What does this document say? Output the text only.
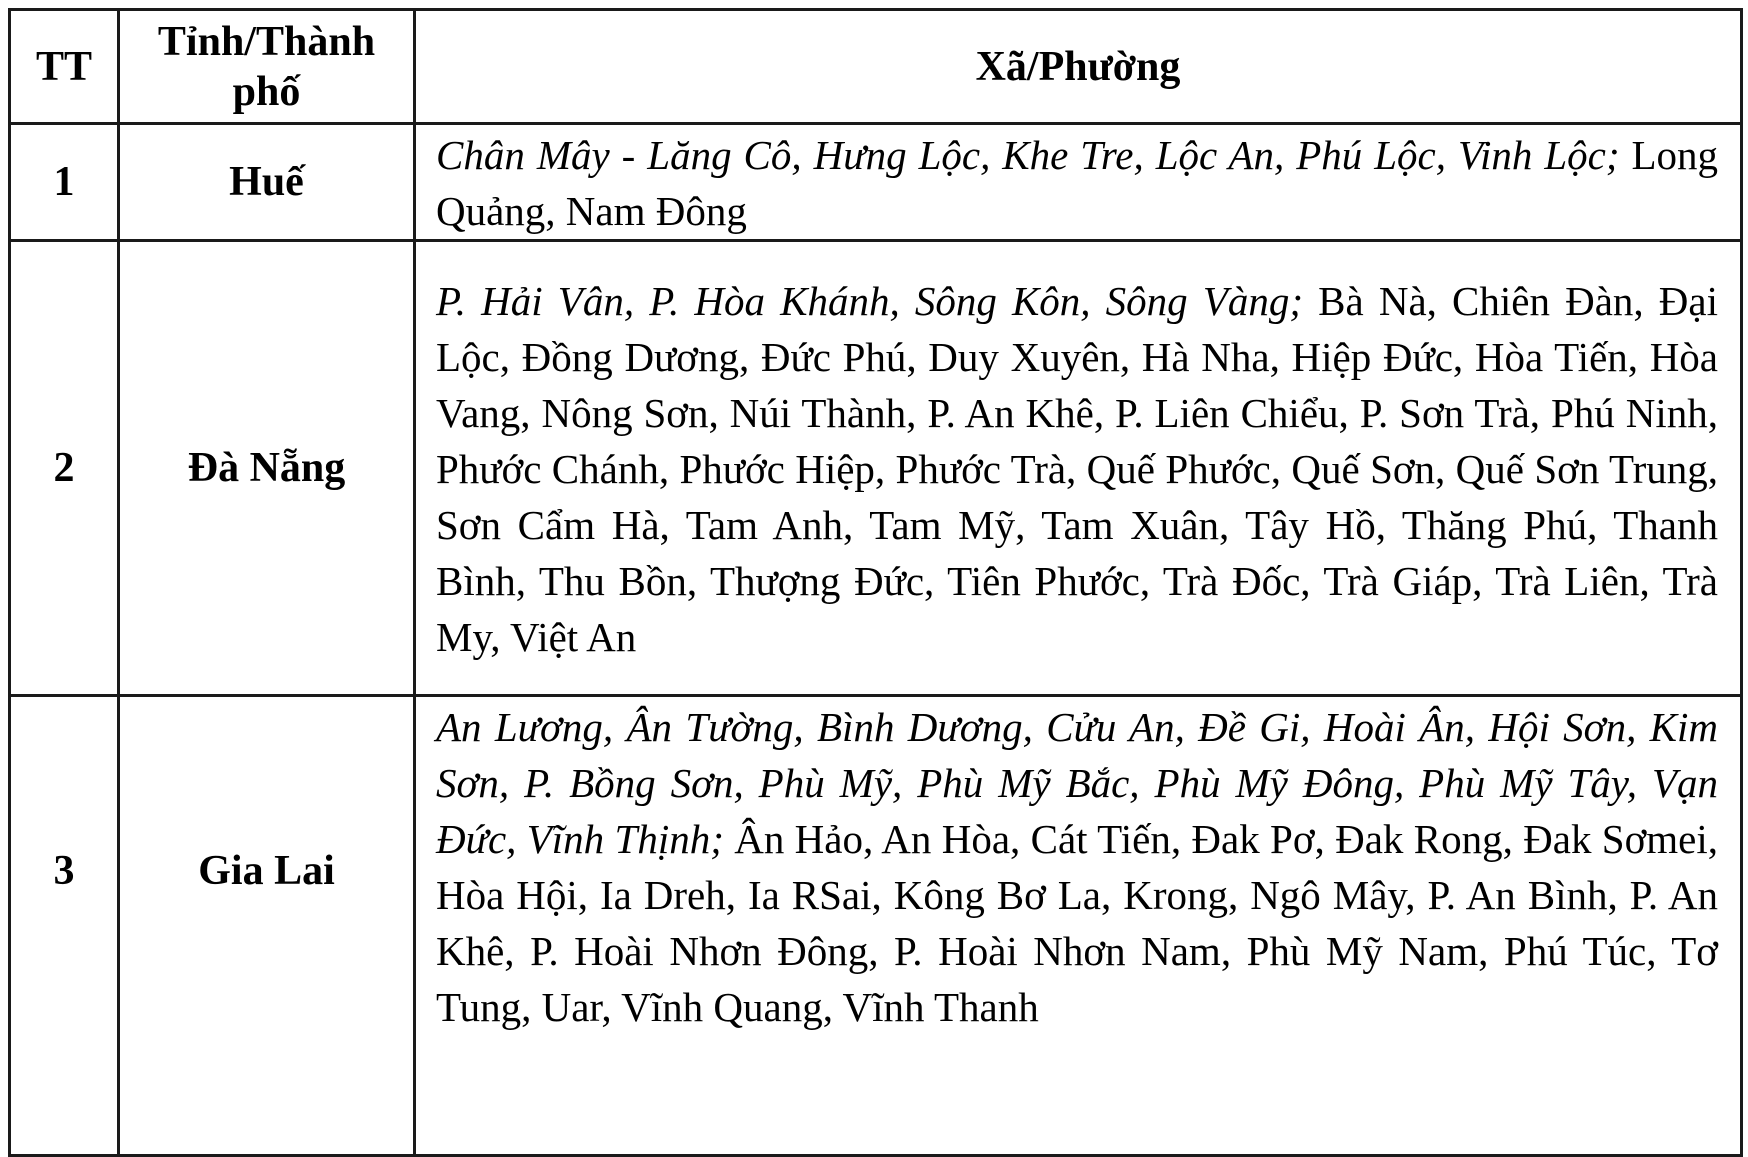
TT	Tỉnh/Thành phố	Xã/Phường
1	Huế	Chân Mây - Lăng Cô, Hưng Lộc, Khe Tre, Lộc An, Phú Lộc, Vinh Lộc; Long Quảng, Nam Đông
2	Đà Nẵng	P. Hải Vân, P. Hòa Khánh, Sông Kôn, Sông Vàng; Bà Nà, Chiên Đàn, Đại Lộc, Đồng Dương, Đức Phú, Duy Xuyên, Hà Nha, Hiệp Đức, Hòa Tiến, Hòa Vang, Nông Sơn, Núi Thành, P. An Khê, P. Liên Chiểu, P. Sơn Trà, Phú Ninh, Phước Chánh, Phước Hiệp, Phước Trà, Quế Phước, Quế Sơn, Quế Sơn Trung, Sơn Cẩm Hà, Tam Anh, Tam Mỹ, Tam Xuân, Tây Hồ, Thăng Phú, Thanh Bình, Thu Bồn, Thượng Đức, Tiên Phước, Trà Đốc, Trà Giáp, Trà Liên, Trà My, Việt An
3	Gia Lai	An Lương, Ân Tường, Bình Dương, Cửu An, Đề Gi, Hoài Ân, Hội Sơn, Kim Sơn, P. Bồng Sơn, Phù Mỹ, Phù Mỹ Bắc, Phù Mỹ Đông, Phù Mỹ Tây, Vạn Đức, Vĩnh Thịnh; Ân Hảo, An Hòa, Cát Tiến, Đak Pơ, Đak Rong, Đak Sơmei, Hòa Hội, Ia Dreh, Ia RSai, Kông Bơ La, Krong, Ngô Mây, P. An Bình, P. An Khê, P. Hoài Nhơn Đông, P. Hoài Nhơn Nam, Phù Mỹ Nam, Phú Túc, Tơ Tung, Uar, Vĩnh Quang, Vĩnh Thanh
